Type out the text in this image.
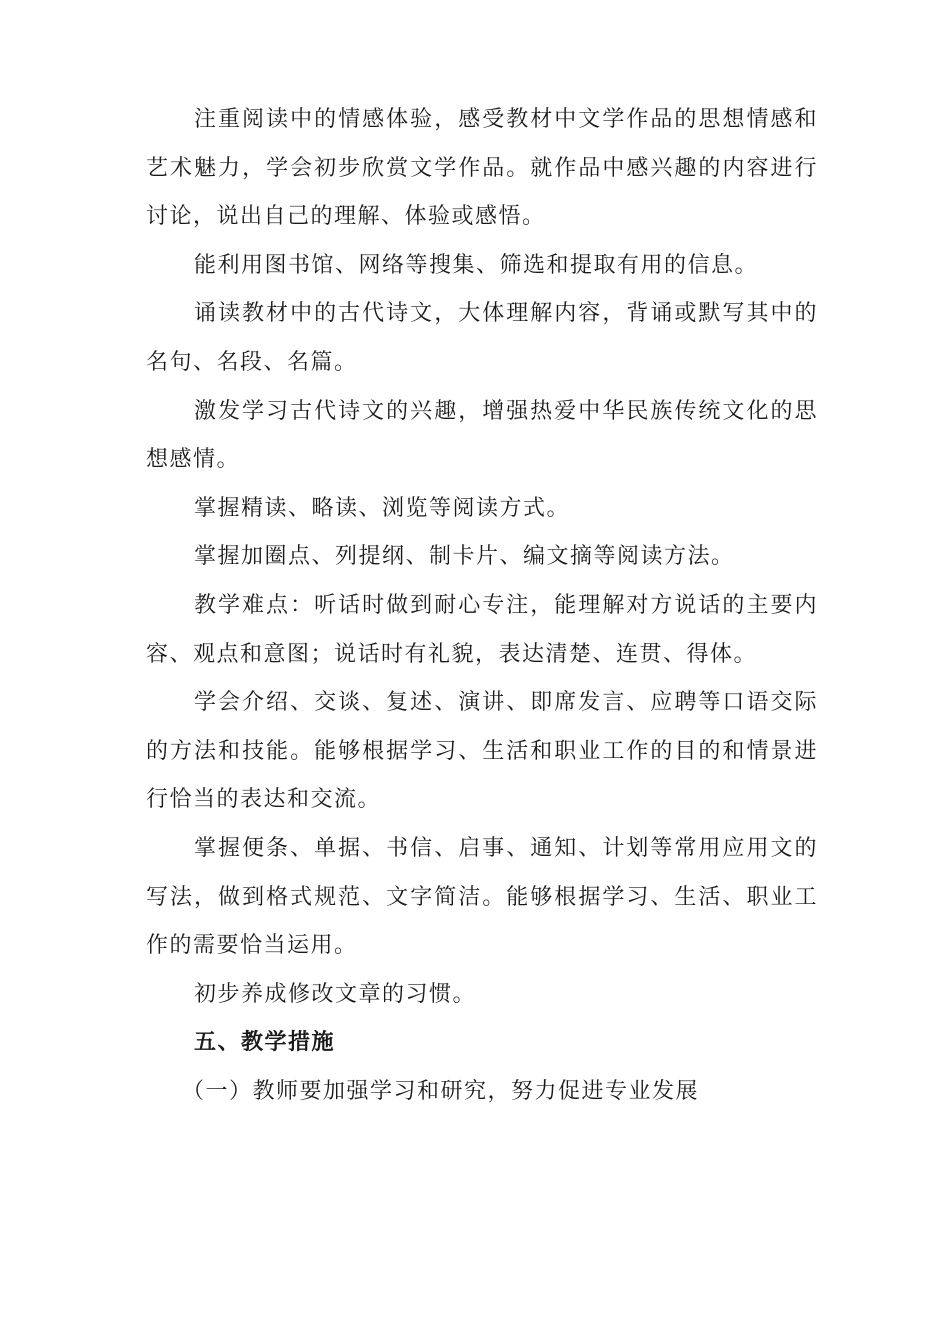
注重阅读中的情感体验，感受教材中文学作品的思想情感和艺术魅力，学会初步欣赏文学作品。就作品中感兴趣的内容进行讨论，说出自己的理解、体验或感悟。

能利用图书馆、网络等搜集、筛选和提取有用的信息。

诵读教材中的古代诗文，大体理解内容，背诵或默写其中的名句、名段、名篇。

激发学习古代诗文的兴趣，增强热爱中华民族传统文化的思想感情。

掌握精读、略读、浏览等阅读方式。

掌握加圈点、列提纲、制卡片、编文摘等阅读方法。

教学难点：听话时做到耐心专注，能理解对方说话的主要内容、观点和意图；说话时有礼貌，表达清楚、连贯、得体。

学会介绍、交谈、复述、演讲、即席发言、应聘等口语交际的方法和技能。能够根据学习、生活和职业工作的目的和情景进行恰当的表达和交流。

掌握便条、单据、书信、启事、通知、计划等常用应用文的写法，做到格式规范、文字简洁。能够根据学习、生活、职业工作的需要恰当运用。

初步养成修改文章的习惯。

五、教学措施

（一）教师要加强学习和研究，努力促进专业发展
